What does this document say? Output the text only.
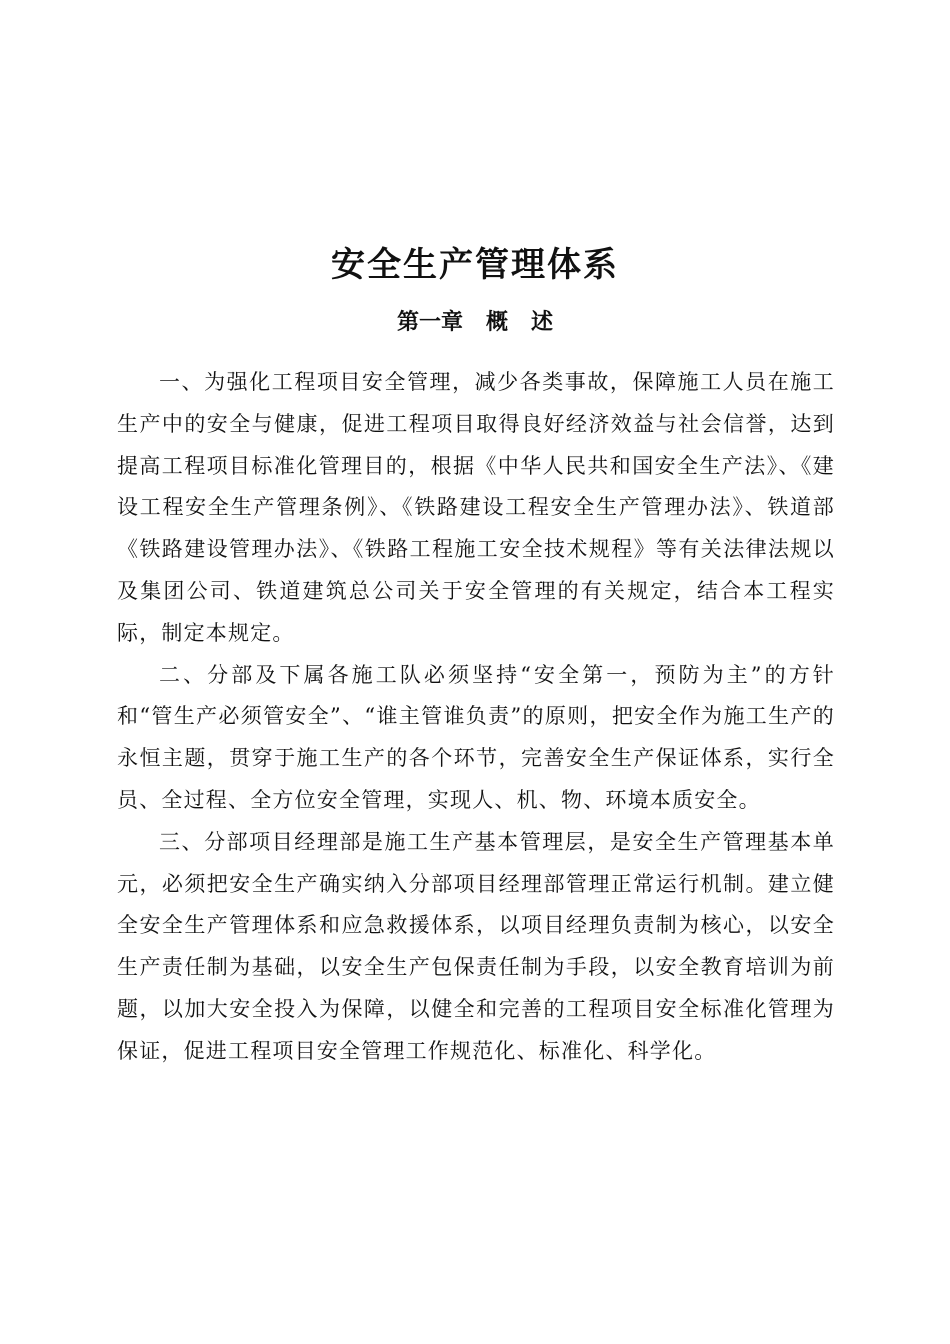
安全生产管理体系
第一章   概   述

一、为强化工程项目安全管理，减少各类事故，保障施工人员在施工生产中的安全与健康，促进工程项目取得良好经济效益与社会信誉，达到提高工程项目标准化管理目的，根据《中华人民共和国安全生产法》、《建设工程安全生产管理条例》、《铁路建设工程安全生产管理办法》、铁道部《铁路建设管理办法》、《铁路工程施工安全技术规程》等有关法律法规以及集团公司、铁道建筑总公司关于安全管理的有关规定，结合本工程实际，制定本规定。

二、分部及下属各施工队必须坚持“安全第一，预防为主”的方针和“管生产必须管安全”、“谁主管谁负责”的原则，把安全作为施工生产的永恒主题，贯穿于施工生产的各个环节，完善安全生产保证体系，实行全员、全过程、全方位安全管理，实现人、机、物、环境本质安全。

三、分部项目经理部是施工生产基本管理层，是安全生产管理基本单元，必须把安全生产确实纳入分部项目经理部管理正常运行机制。建立健全安全生产管理体系和应急救援体系，以项目经理负责制为核心，以安全生产责任制为基础，以安全生产包保责任制为手段，以安全教育培训为前题，以加大安全投入为保障，以健全和完善的工程项目安全标准化管理为保证，促进工程项目安全管理工作规范化、标准化、科学化。
